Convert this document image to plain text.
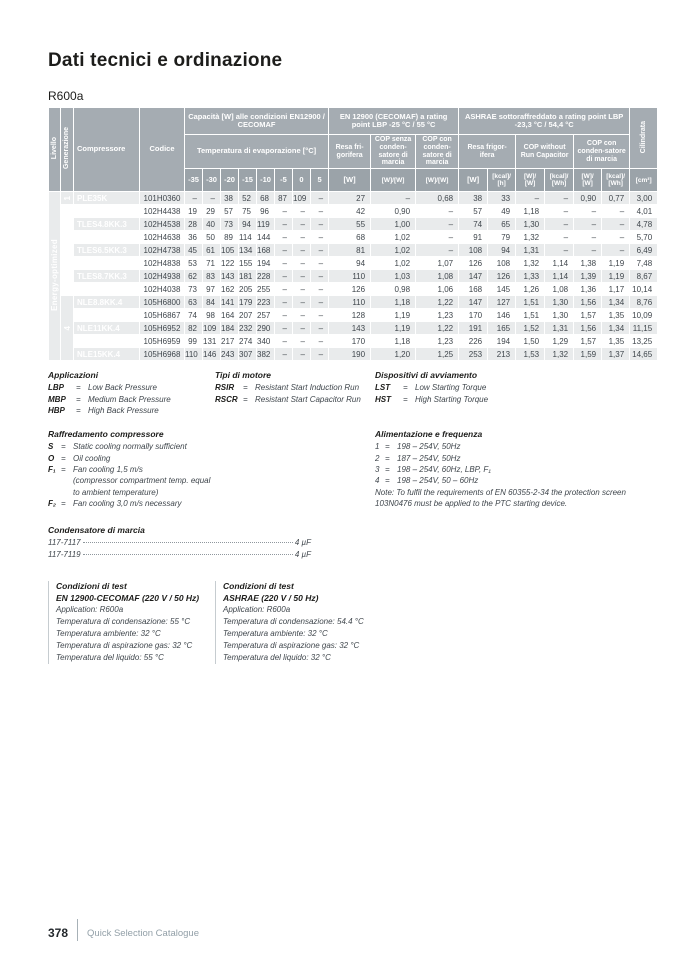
Dati tecnici e ordinazione
R600a
Livello	Generazione	Compressore	Codice	Capacità [W] alle condizioni EN12900 / CECOMAF								EN 12900 (CECOMAF) a rating point LBP -25 °C / 55 °C			ASHRAE sottoraffreddato a rating point LBP -23,3 °C / 54,4 °C						Cilindrata
				Temperatura di evaporazione [°C]								Resa fri-gorifera	COP senza conden-satore di marcia	COP con conden-satore di marcia	Resa frigor-ifera		COP without Run Capacitor		COP con conden-satore di marcia		
				-35	-30	-20	-15	-10	-5	0	5	[W]	[W]/[W]	[W]/[W]	[W]	[kcal]/ [h]	[W]/ [W]	[kcal]/ [Wh]	[W]/ [W]	[kcal]/ [Wh]	[cm³]
Energy-optimized	1	PLE35K	101H0360	–	–	38	52	68	87	109	–	27	–	0,68	38	33	–	–	0,90	0,77	3,00
	3	TLES4KK.3	102H4438	19	29	57	75	96	–	–	–	42	0,90	–	57	49	1,18	–	–	–	4,01
		TLES4.8KK.3	102H4538	28	40	73	94	119	–	–	–	55	1,00	–	74	65	1,30	–	–	–	4,78
		TLES5.7KK.3	102H4638	36	50	89	114	144	–	–	–	68	1,02	–	91	79	1,32	–	–	–	5,70
		TLES6.5KK.3	102H4738	45	61	105	134	168	–	–	–	81	1,02	–	108	94	1,31	–	–	–	6,49
		TLES7.5KK.3	102H4838	53	71	122	155	194	–	–	–	94	1,02	1,07	126	108	1,32	1,14	1,38	1,19	7,48
		TLES8.7KK.3	102H4938	62	83	143	181	228	–	–	–	110	1,03	1,08	147	126	1,33	1,14	1,39	1,19	8,67
		TLES10KK.3	102H4038	73	97	162	205	255	–	–	–	126	0,98	1,06	168	145	1,26	1,08	1,36	1,17	10,14
	4	NLE8.8KK.4	105H6800	63	84	141	179	223	–	–	–	110	1,18	1,22	147	127	1,51	1,30	1,56	1,34	8,76
		NLE10KK.4	105H6867	74	98	164	207	257	–	–	–	128	1,19	1,23	170	146	1,51	1,30	1,57	1,35	10,09
		NLE11KK.4	105H6952	82	109	184	232	290	–	–	–	143	1,19	1,22	191	165	1,52	1,31	1,56	1,34	11,15
		NLE13KK.4	105H6959	99	131	217	274	340	–	–	–	170	1,18	1,23	226	194	1,50	1,29	1,57	1,35	13,25
		NLE15KK.4	105H6968	110	146	243	307	382	–	–	–	190	1,20	1,25	253	213	1,53	1,32	1,59	1,37	14,65
Applicazioni
LBP	= Low Back Pressure
MBP	= Medium Back Pressure
HBP	= High Back Pressure
Tipi di motore
RSIR	= Resistant Start Induction Run
RSCR = Resistant Start Capacitor Run
Dispositivi di avviamento
LST	= Low Starting Torque
HST	= High Starting Torque
Raffredamento compressore
S = Static cooling normally sufficient
O = Oil cooling
F₁ = Fan cooling 1,5 m/s
(compressor compartment temp. equal to ambient temperature)
F₂ = Fan cooling 3,0 m/s necessary
Alimentazione e frequenza
1 = 198 – 254V, 50Hz
2 = 187 – 254V, 50Hz
3 = 198 – 254V, 60Hz, LBP, F₁
4 = 198 – 254V, 50 – 60Hz
Note: To fulfil the requirements of EN 60355-2-34 the protection screen 103N0476 must be applied to the PTC starting device.
Condensatore di marcia
117-7117	4 µF
117-7119	4 µF
Condizioni di test
EN 12900-CECOMAF (220 V / 50 Hz)
Application: R600a
Temperatura di condensazione: 55 °C
Temperatura ambiente: 32 °C
Temperatura di aspirazione gas: 32 °C
Temperatura del liquido: 55 °C
Condizioni di test
ASHRAE (220 V / 50 Hz)
Application: R600a
Temperatura di condensazione: 54.4 °C
Temperatura ambiente: 32 °C
Temperatura di aspirazione gas: 32 °C
Temperatura del liquido: 32 °C
378 Quick Selection Catalogue
